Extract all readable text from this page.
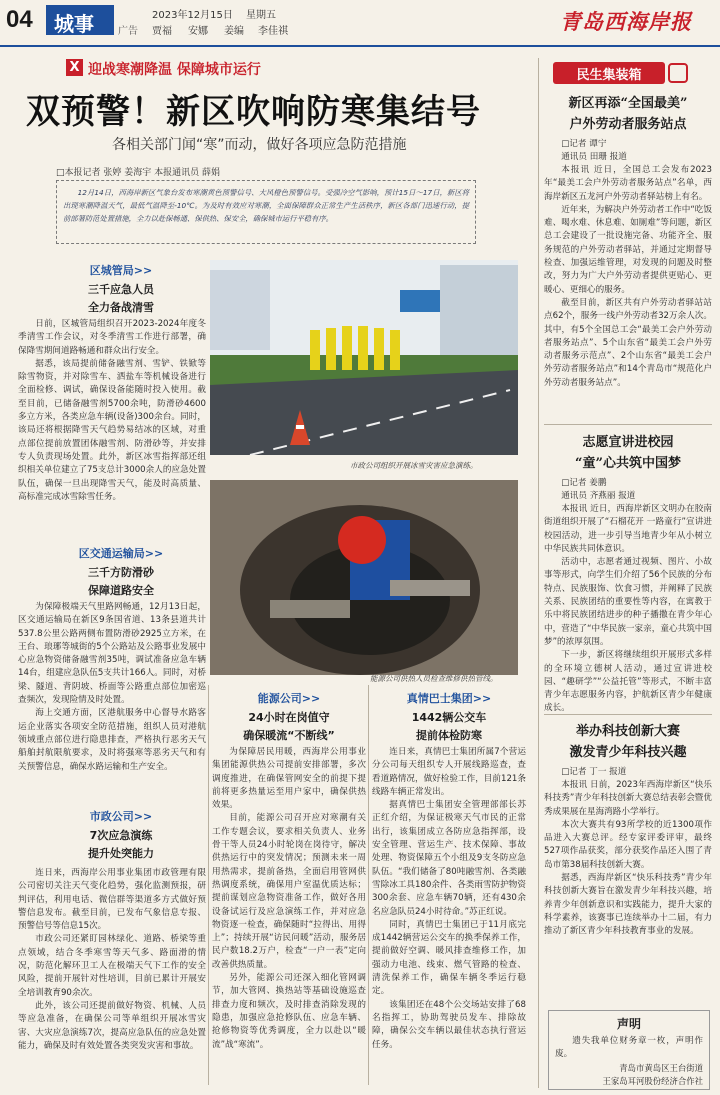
04 城事	2023年12月15日 星期五
广告 贾福 安娜 姜编 李佳祺	青岛西海岸报
X 迎战寒潮降温 保障城市运行
双预警！新区吹响防寒集结号
各相关部门闻“寒”而动，做好各项应急防范措施
□本报记者 张婷 姜海宇 本报通讯员 薛娟

12月14日，西海岸新区气象台发布寒潮黄色预警信号、大风橙色预警信号。受强冷空气影响，预计15日～17日，新区将出现寒潮降温天气，最低气温降至-10℃。为及时有效应对寒潮，全面保障群众正常生产生活秩序，新区各部门迅速行动，提前部署防范处置措施，全力以赴保畅通、保供热、保安全，确保城市运行平稳有序。

市政公司组织开展冰雪灾害应急演练。
能源公司供热人员检查维修供热管线。
区城管局>>
三千应急人员
全力备战清雪

日前，区城管局组织召开2023-2024年度冬季清雪工作会议，对冬季清雪工作进行部署，确保降雪期间道路畅通和群众出行安全。

据悉，该局提前储备融雪剂、雪铲、铁锨等除雪物资，并对除雪车、洒盐车等机械设备进行全面检修、调试，确保设备能随时投入使用。截至目前，已储备融雪剂5700余吨，防滑砂4600多立方米，各类应急车辆(设备)300余台。同时，该局还将根据降雪天气趋势易结冰的区域，对重点部位提前放置团体融雪剂、防滑砂等，并安排专人负责现场处置。此外，新区冰雪指挥部还组织相关单位建立了75支总计3000余人的应急处置队伍，确保一旦出现降雪天气，能及时高质量、高标准完成冰雪除雪任务。

区交通运输局>>
三千方防滑砂
保障道路安全

为保障极端天气里路网畅通，12月13日起，区交通运输局在新区9条国省道、13条县道共计537.8公里公路两侧布置防滑砂2925立方米，在王台、琅琊等城街的5个公路站及公路事业发展中心应急物资储备融雪剂35吨，调试准备应急车辆14台，组建应急队伍5支共计166人。同时，对桥梁、隧道、背阴坡、桥面等公路重点部位加密巡查频次，发现险情及时处置。

海上交通方面，区港航服务中心督导水路客运企业落实各项安全防范措施，组织人员对港航领域重点部位进行隐患排查，严格执行恶劣天气船舶封航限航要求，及时将强寒等恶劣天气和有关预警信息，确保水路运输和生产安全。

市政公司>>
7次应急演练
提升处突能力

连日来，西海岸公用事业集团市政管理有限公司密切关注天气变化趋势，强化监测预报，研判评估，利用电话、微信群等渠道多方式做好预警信息发布。截至目前，已发布气象信息专报、预警信号等信息15次。

市政公司还紧盯园林绿化、道路、桥梁等重点领域，结合冬季寒雪等天气多、路面滑的情况，防范化解环卫工人在极端天气下工作的安全风险，提前开展针对性培训，目前已累计开展安全培训教育90余次。

此外，该公司还提前做好物资、机械、人员等应急准备，在确保公司等单组织开展冰雪灾害、大灾应急演练7次，提高应急队伍的应急处置能力，确保及时有效处置各类突发灾害和事故。

能源公司>>
24小时在岗值守
确保暖流“不断线”

为保障居民用暖，西海岸公用事业集团能源供热公司提前安排部署，多次调度推进，在确保管网安全的前提下提前将更多热量运至用户家中，确保供热效果。

目前，能源公司召开应对寒潮有关工作专题会议，要求相关负责人、业务骨干等人员24小时轮岗在岗待守，解决供热运行中的突发情况；预测未来一周用热需求，提前备热，全面启用管网供热调度系统，确保用户室温优质达标；提前谋划应急物资准备工作，做好各用设备试运行及应急演练工作，并对应急物资逐一检查，确保随时“拉得出、用得上”；持续开展“访民问暖”活动，服务居民户数18.2万户，检查“一户一表”定向改善供热质量。

另外，能源公司还深入细化管网调节，加大管网、换热站等基础设施巡查排查力度和频次，及时排查消除发现的隐患，加强应急抢修队伍、应急车辆、抢修物资等优秀调度，全力以赴以“暖流”战“寒流”。

真情巴士集团>>
1442辆公交车
提前体检防寒

连日来，真情巴士集团所属7个营运分公司每天组织专人开展线路巡查，查看道路情况，做好检验工作，目前121条线路车辆正常发出。

据真情巴士集团安全管理部部长苏正红介绍，为保证极寒天气市民的正常出行，该集团成立各防应急指挥部，设安全管理、营运生产、技术保障、事故处理、物资保障五个小组及9支冬防应急队伍。“我们储备了80吨融雪剂、各类融雪除冰工具180余件、各类雨雪防护物资300余套、应急车辆70辆，还有430余名应急队员24小时待命。”苏正红说。

同时，真情巴士集团已于11月底完成1442辆营运公交车的换季保养工作，提前做好空调、暖风排查维修工作，加强动力电池、线束、燃气管路的检查、清洗保养工作，确保车辆冬季运行稳定。

该集团还在48个公交场站安排了68名指挥工，协助驾驶员发车、排除故障，确保公交车辆以最佳状态执行营运任务。

民生集装箱
新区再添“全国最美”
户外劳动者服务站点
□记者 谭宁
通讯员 田珊 报道

本报讯 近日，全国总工会发布2023年“最美工会户外劳动者服务站点”名单，西海岸新区五龙河户外劳动者驿站榜上有名。

近年来，为解决户外劳动者工作中“吃饭难、喝水难、休息难、如厕难”等问题，新区总工会建设了一批设施完备、功能齐全、服务规范的户外劳动者驿站，并通过定期督导检查、加强运维管理，对发现的问题及时整改，努力为广大户外劳动者提供更贴心、更暖心、更细心的服务。

截至目前，新区共有户外劳动者驿站站点62个，服务一线户外劳动者32万余人次。其中，有5个全国总工会“最美工会户外劳动者服务站点”、5个山东省“最美工会户外劳动者服务示范点”、2个山东省“最美工会户外劳动者服务站点”和14个青岛市“规范化户外劳动者服务站点”。

志愿宣讲进校园
“童”心共筑中国梦
□记者 姜鹏
通讯员 齐燕丽 报道

本报讯 近日，西海岸新区文明办在胶南街道组织开展了“石榴花开 一路童行”宣讲进校园活动，进一步引导当地青少年从小树立中华民族共同体意识。

活动中，志愿者通过视频、图片、小故事等形式，向学生们介绍了56个民族的分布特点、民族服饰、饮食习惯，并阐释了民族关系、民族团结的重要性等内容，在寓教于乐中将民族团结进步的种子播撒在青少年心中，营造了“中华民族一家亲，童心共筑中国梦”的浓厚氛围。

下一步，新区将继续组织开展形式多样的全环境立德树人活动，通过宣讲进校园、“趣研学”“公益托管”等形式，不断丰富青少年志愿服务内容，护航新区青少年健康成长。

举办科技创新大赛
激发青少年科技兴趣
□记者 丁一 报道

本报讯 日前，2023年西海岸新区“快乐科技秀”青少年科技创新大赛总结表彰会暨优秀成果展在星海湾路小学举行。

本次大赛共有93所学校的近1300项作品进入大赛总评。经专家评委评审，最终527项作品获奖，部分获奖作品还入围了青岛市第38届科技创新大赛。

据悉，西海岸新区“快乐科技秀”青少年科技创新大赛旨在激发青少年科技兴趣，培养青少年创新意识和实践能力，提升大家的科学素养，该赛事已连续举办十二届，有力推动了新区青少年科技教育事业的发展。

声明

遗失我单位财务章一枚，声明作废。

青岛市黄岛区王台街道
王家岛耳河股份经济合作社
